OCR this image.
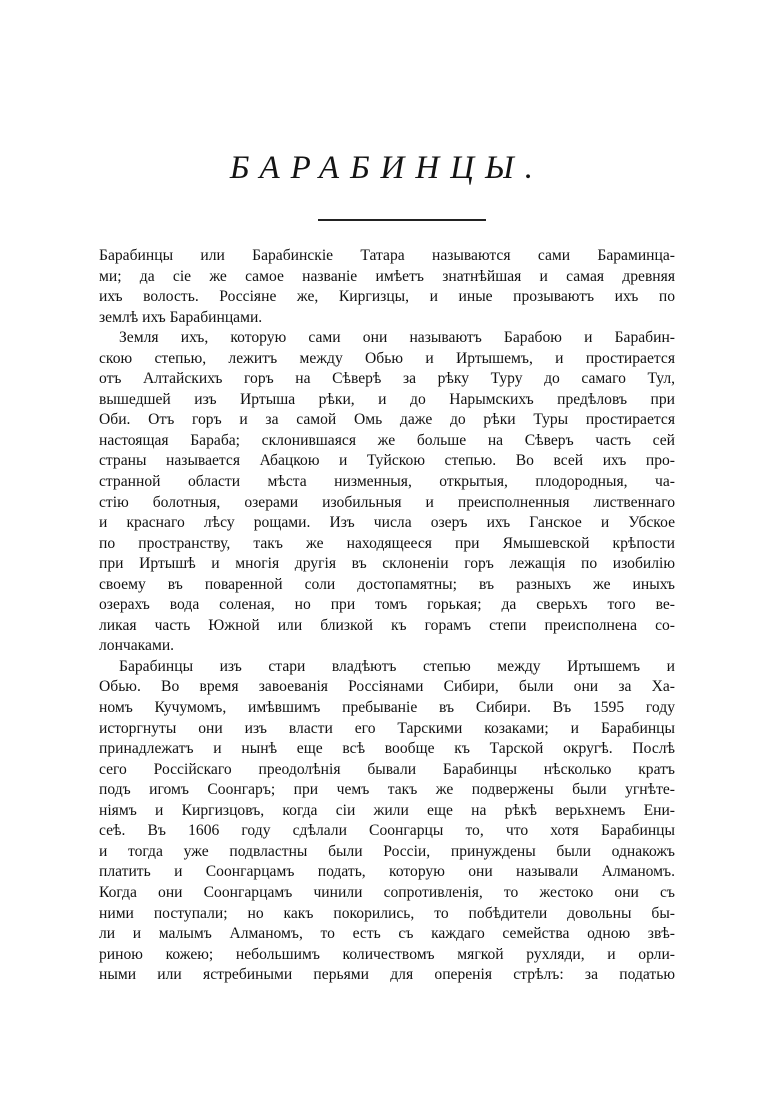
БАРАБИНЦЫ.
Барабинцы или Барабинскіе Татара называются сами Бараминца-
ми; да сіе же самое названіе имѣетъ знатнѣйшая и самая древняя
ихъ волость. Россіяне же, Киргизцы, и иные прозываютъ ихъ по
землѣ ихъ Барабинцами.
Земля ихъ, которую сами они называютъ Барабою и Барабин-
скою степью, лежитъ между Обью и Иртышемъ, и простирается
отъ Алтайскихъ горъ на Сѣверѣ за рѣку Туру до самаго Тул,
вышедшей изъ Иртыша рѣки, и до Нарымскихъ предѣловъ при
Оби. Отъ горъ и за самой Омь даже до рѣки Туры простирается
настоящая Бараба; склонившаяся же больше на Сѣверъ часть сей
страны называется Абацкою и Туйскою степью. Во всей ихъ про-
странной области мѣста низменныя, открытыя, плодородныя, ча-
стію болотныя, озерами изобильныя и преисполненныя лиственнаго
и краснаго лѣсу рощами. Изъ числа озеръ ихъ Ганское и Убское
по пространству, такъ же находящееся при Ямышевской крѣпости
при Иртышѣ и многія другія въ склоненіи горъ лежащія по изобилію
своему въ поваренной соли достопамятны; въ разныхъ же иныхъ
озерахъ вода соленая, но при томъ горькая; да сверьхъ того ве-
ликая часть Южной или близкой къ горамъ степи преисполнена со-
лончаками.
Барабинцы изъ стари владѣютъ степью между Иртышемъ и
Обью. Во время завоеванія Россіянами Сибири, были они за Ха-
номъ Кучумомъ, имѣвшимъ пребываніе въ Сибири. Въ 1595 году
исторгнуты они изъ власти его Тарскими козаками; и Барабинцы
принадлежатъ и нынѣ еще всѣ вообще къ Тарской округѣ. Послѣ
сего Россійскаго преодолѣнія бывали Барабинцы нѣсколько кратъ
подъ игомъ Соонгаръ; при чемъ такъ же подвержены были угнѣте-
ніямъ и Киргизцовъ, когда сіи жили еще на рѣкѣ верьхнемъ Ени-
сеѣ. Въ 1606 году сдѣлали Соонгарцы то, что хотя Барабинцы
и тогда уже подвластны были Россіи, принуждены были однакожъ
платить и Соонгарцамъ подать, которую они называли Алманомъ.
Когда они Соонгарцамъ чинили сопротивленія, то жестоко они съ
ними поступали; но какъ покорились, то побѣдители довольны бы-
ли и малымъ Алманомъ, то есть съ каждаго семейства одною звѣ-
риною кожею; небольшимъ количествомъ мягкой рухляди, и орли-
ными или ястребиными перьями для оперенія стрѣлъ: за податью
